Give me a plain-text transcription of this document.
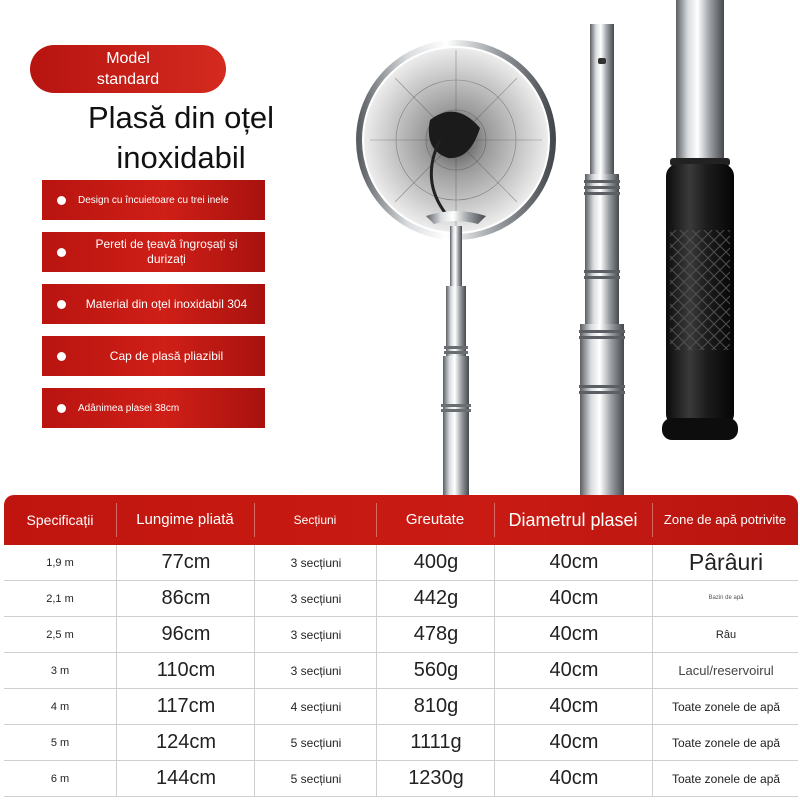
Model
standard
Plasă din oțel
inoxidabil
Design cu încuietoare cu trei inele
Pereti de țeavă îngroșați și durizați
Material din oțel inoxidabil 304
Cap de plasă pliazibil
Adânimea plasei 38cm
Specificații	Lungime pliată	Secțiuni	Greutate	Diametrul plasei	Zone de apă potrivite
1,9 m	77cm	3 secțiuni	400g	40cm	Pârâuri
2,1 m	86cm	3 secțiuni	442g	40cm	Bazin de apă
2,5 m	96cm	3 secțiuni	478g	40cm	Râu
3 m	110cm	3 secțiuni	560g	40cm	Lacul/reservoirul
4 m	117cm	4 secțiuni	810g	40cm	Toate zonele de apă
5 m	124cm	5 secțiuni	1111g	40cm	Toate zonele de apă
6 m	144cm	5 secțiuni	1230g	40cm	Toate zonele de apă
